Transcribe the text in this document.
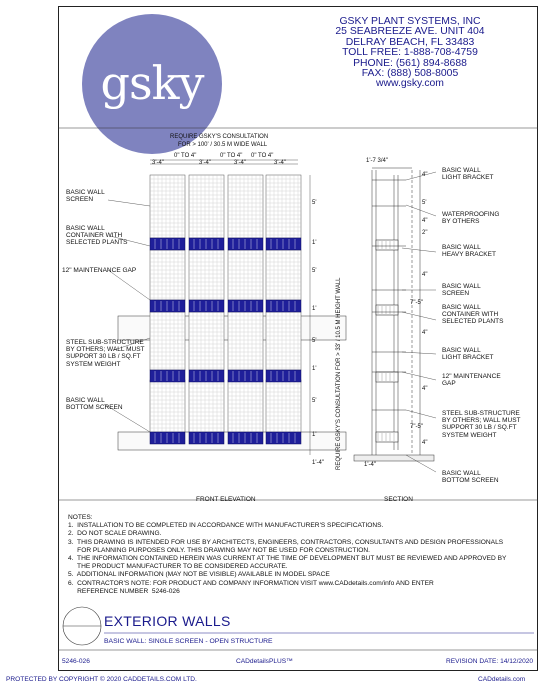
gsky
GSKY PLANT SYSTEMS, INC
25 SEABREEZE AVE. UNIT 404
DELRAY BEACH, FL 33483
TOLL FREE: 1-888-708-4759
PHONE: (561) 894-8688
FAX: (888) 508-8005
www.gsky.com
REQUIRE GSKY'S CONSULTATION
FOR > 100' / 30.5 M WIDE WALL
3'-4"
0" TO 4"
3'-4"
0" TO 4"
3'-4"
0" TO 4"
3'-4"
5'
1'
5'
1'
5'
1'
5'
1'
1'-4" REQUIRE GSKY'S CONSULTATION FOR > 33' / 10.5 M HEIGHT WALL
BASIC WALL
SCREEN
BASIC WALL
CONTAINER WITH
SELECTED PLANTS
12" MAINTENANCE GAP
STEEL SUB-STRUCTURE
BY OTHERS; WALL MUST
SUPPORT 30 LB / SQ.FT
SYSTEM WEIGHT
BASIC WALL
BOTTOM SCREEN
FRONT ELEVATION
1'-7 3/4"
4"
5'
4"
2"
4"
7"-5"
4"
4"
7"-5"
4"
1'-4"
BASIC WALL
LIGHT BRACKET
WATERPROOFING
BY OTHERS
BASIC WALL
HEAVY BRACKET
BASIC WALL
SCREEN
BASIC WALL
CONTAINER WITH
SELECTED PLANTS
BASIC WALL
LIGHT BRACKET
12" MAINTENANCE
GAP
STEEL SUB-STRUCTURE
BY OTHERS; WALL MUST
SUPPORT 30 LB / SQ.FT
SYSTEM WEIGHT
BASIC WALL
BOTTOM SCREEN
SECTION
NOTES:
1.  INSTALLATION TO BE COMPLETED IN ACCORDANCE WITH MANUFACTURER'S SPECIFICATIONS.
2.  DO NOT SCALE DRAWING.
3.  THIS DRAWING IS INTENDED FOR USE BY ARCHITECTS, ENGINEERS, CONTRACTORS, CONSULTANTS AND DESIGN PROFESSIONALS
FOR PLANNING PURPOSES ONLY. THIS DRAWING MAY NOT BE USED FOR CONSTRUCTION.
4.  THE INFORMATION CONTAINED HEREIN WAS CURRENT AT THE TIME OF DEVELOPMENT BUT MUST BE REVIEWED AND APPROVED BY
THE PRODUCT MANUFACTURER TO BE CONSIDERED ACCURATE.
5.  ADDITIONAL INFORMATION (MAY NOT BE VISIBLE) AVAILABLE IN MODEL SPACE
6.  CONTRACTOR'S NOTE: FOR PRODUCT AND COMPANY INFORMATION VISIT www.CADdetails.com/info AND ENTER
REFERENCE NUMBER  5246-026
EXTERIOR WALLS
BASIC WALL: SINGLE SCREEN - OPEN STRUCTURE
5246-026	CADdetailsPLUS™	REVISION DATE: 14/12/2020
PROTECTED BY COPYRIGHT © 2020 CADDETAILS.COM LTD.	CADdetails.com
